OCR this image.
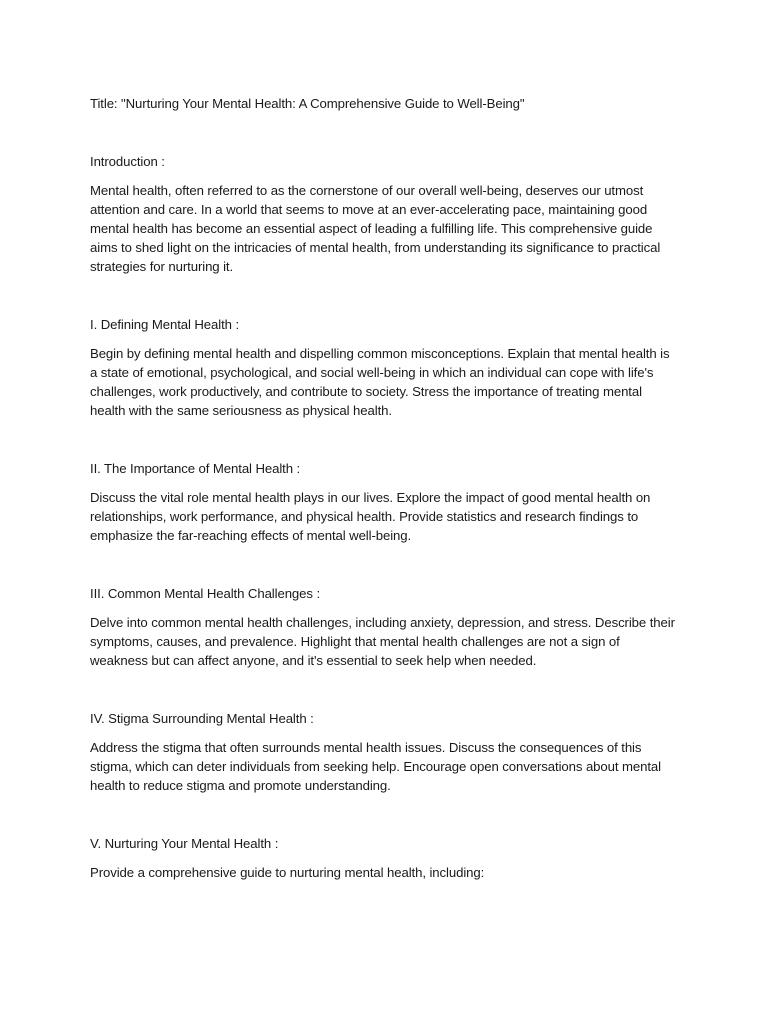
Title: "Nurturing Your Mental Health: A Comprehensive Guide to Well-Being"

Introduction :

Mental health, often referred to as the cornerstone of our overall well-being, deserves our utmost attention and care. In a world that seems to move at an ever-accelerating pace, maintaining good mental health has become an essential aspect of leading a fulfilling life. This comprehensive guide aims to shed light on the intricacies of mental health, from understanding its significance to practical strategies for nurturing it.

I. Defining Mental Health :

Begin by defining mental health and dispelling common misconceptions. Explain that mental health is a state of emotional, psychological, and social well-being in which an individual can cope with life's challenges, work productively, and contribute to society. Stress the importance of treating mental health with the same seriousness as physical health.

II. The Importance of Mental Health :

Discuss the vital role mental health plays in our lives. Explore the impact of good mental health on relationships, work performance, and physical health. Provide statistics and research findings to emphasize the far-reaching effects of mental well-being.

III. Common Mental Health Challenges :

Delve into common mental health challenges, including anxiety, depression, and stress. Describe their symptoms, causes, and prevalence. Highlight that mental health challenges are not a sign of weakness but can affect anyone, and it's essential to seek help when needed.

IV. Stigma Surrounding Mental Health :

Address the stigma that often surrounds mental health issues. Discuss the consequences of this stigma, which can deter individuals from seeking help. Encourage open conversations about mental health to reduce stigma and promote understanding.

V. Nurturing Your Mental Health :

Provide a comprehensive guide to nurturing mental health, including:
